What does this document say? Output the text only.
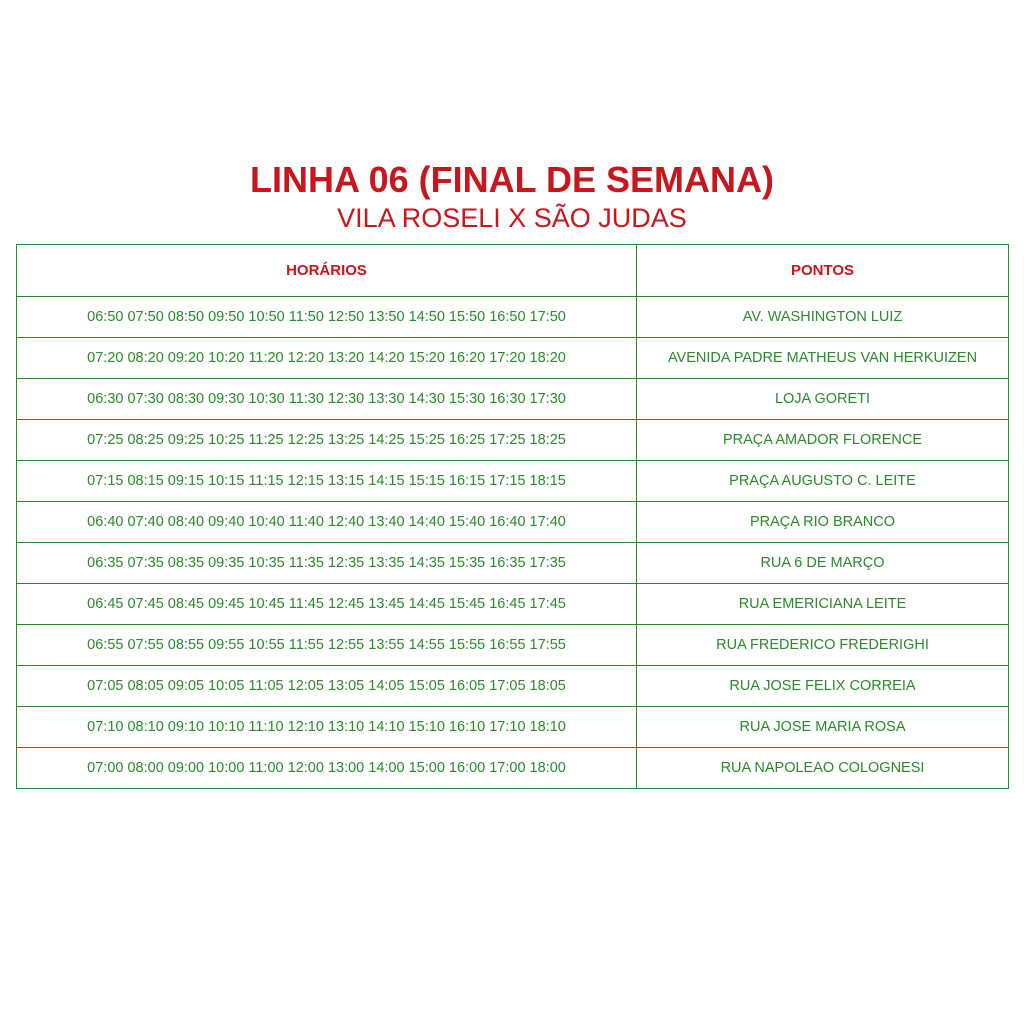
LINHA 06 (FINAL DE SEMANA)
VILA ROSELI X SÃO JUDAS
HORÁRIOS	PONTOS
06:50 07:50 08:50 09:50 10:50 11:50 12:50 13:50 14:50 15:50 16:50 17:50	AV. WASHINGTON LUIZ
07:20 08:20 09:20 10:20 11:20 12:20 13:20 14:20 15:20 16:20 17:20 18:20	AVENIDA PADRE MATHEUS VAN HERKUIZEN
06:30 07:30 08:30 09:30 10:30 11:30 12:30 13:30 14:30 15:30 16:30 17:30	LOJA GORETI
07:25 08:25 09:25 10:25 11:25 12:25 13:25 14:25 15:25 16:25 17:25 18:25	PRAÇA AMADOR FLORENCE
07:15 08:15 09:15 10:15 11:15 12:15 13:15 14:15 15:15 16:15 17:15 18:15	PRAÇA AUGUSTO C. LEITE
06:40 07:40 08:40 09:40 10:40 11:40 12:40 13:40 14:40 15:40 16:40 17:40	PRAÇA RIO BRANCO
06:35 07:35 08:35 09:35 10:35 11:35 12:35 13:35 14:35 15:35 16:35 17:35	RUA 6 DE MARÇO
06:45 07:45 08:45 09:45 10:45 11:45 12:45 13:45 14:45 15:45 16:45 17:45	RUA EMERICIANA LEITE
06:55 07:55 08:55 09:55 10:55 11:55 12:55 13:55 14:55 15:55 16:55 17:55	RUA FREDERICO FREDERIGHI
07:05 08:05 09:05 10:05 11:05 12:05 13:05 14:05 15:05 16:05 17:05 18:05	RUA JOSE FELIX CORREIA
07:10 08:10 09:10 10:10 11:10 12:10 13:10 14:10 15:10 16:10 17:10 18:10	RUA JOSE MARIA ROSA
07:00 08:00 09:00 10:00 11:00 12:00 13:00 14:00 15:00 16:00 17:00 18:00	RUA NAPOLEAO COLOGNESI
